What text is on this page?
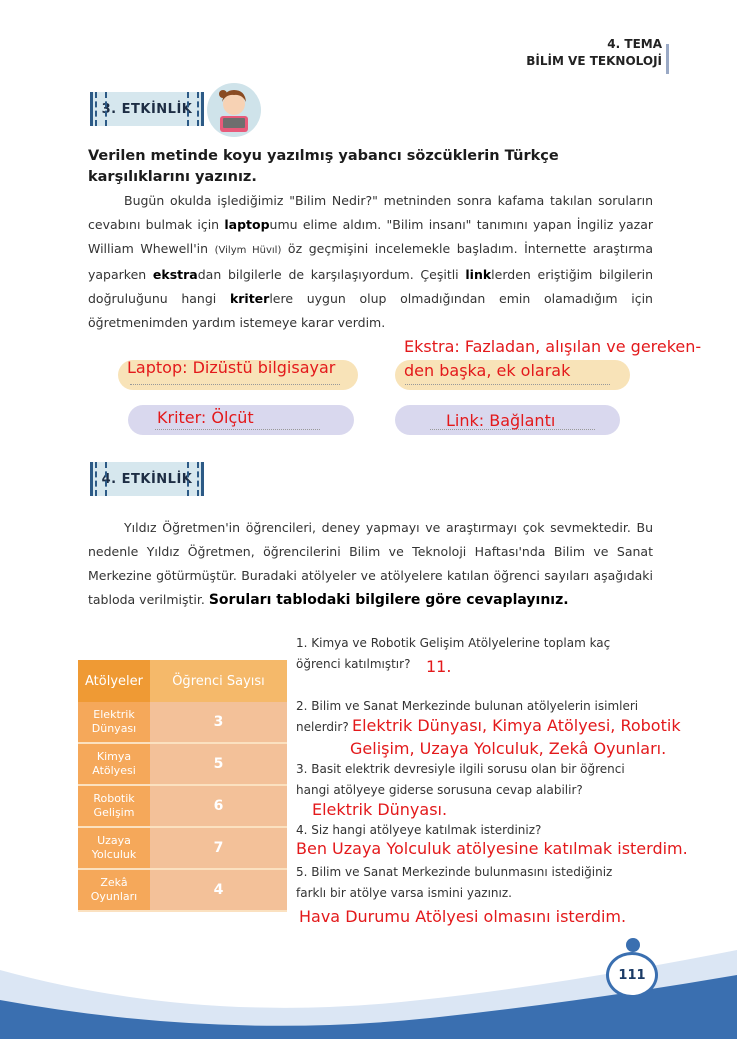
4. TEMA
BİLİM VE TEKNOLOJİ
3. ETKİNLİK
Verilen metinde koyu yazılmış yabancı sözcüklerin Türkçe karşılıklarını yazınız.
Bugün okulda işlediğimiz "Bilim Nedir?" metninden sonra kafama takılan soruların cevabını bulmak için laptopumu elime aldım. "Bilim insanı" tanımını yapan İngiliz yazar William Whewell'in (Vilym Hüvıl) öz geçmişini incelemekle başladım. İnternette araştırma yaparken ekstradan bilgilerle de karşılaşıyordum. Çeşitli linklerden eriştiğim bilgilerin doğruluğunu hangi kriterlere uygun olup olmadığından emin olamadığım için öğretmenimden yardım istemeye karar verdim.
Laptop: Dizüstü bilgisayar
Ekstra: Fazladan, alışılan ve gereken-
den başka, ek olarak
Kriter: Ölçüt	Link: Bağlantı
4. ETKİNLİK
Yıldız Öğretmen'in öğrencileri, deney yapmayı ve araştırmayı çok sevmektedir. Bu nedenle Yıldız Öğretmen, öğrencilerini Bilim ve Teknoloji Haftası'nda Bilim ve Sanat Merkezine götürmüştür. Buradaki atölyeler ve atölyelere katılan öğrenci sayıları aşağıdaki tabloda verilmiştir. Soruları tablodaki bilgilere göre cevaplayınız.
Atölyeler	Öğrenci Sayısı
Elektrik
Dünyası	3
Kimya
Atölyesi	5
Robotik
Gelişim	6
Uzaya
Yolculuk	7
Zekâ
Oyunları	4
1. Kimya ve Robotik Gelişim Atölyelerine toplam kaç
öğrenci katılmıştır? 11.
2. Bilim ve Sanat Merkezinde bulunan atölyelerin isimleri
nelerdir? Elektrik Dünyası, Kimya Atölyesi, Robotik
Gelişim, Uzaya Yolculuk, Zekâ Oyunları.
3. Basit elektrik devresiyle ilgili sorusu olan bir öğrenci
hangi atölyeye giderse sorusuna cevap alabilir?
Elektrik Dünyası.
4. Siz hangi atölyeye katılmak isterdiniz?
Ben Uzaya Yolculuk atölyesine katılmak isterdim.
5. Bilim ve Sanat Merkezinde bulunmasını istediğiniz
farklı bir atölye varsa ismini yazınız.
Hava Durumu Atölyesi olmasını isterdim.
111
